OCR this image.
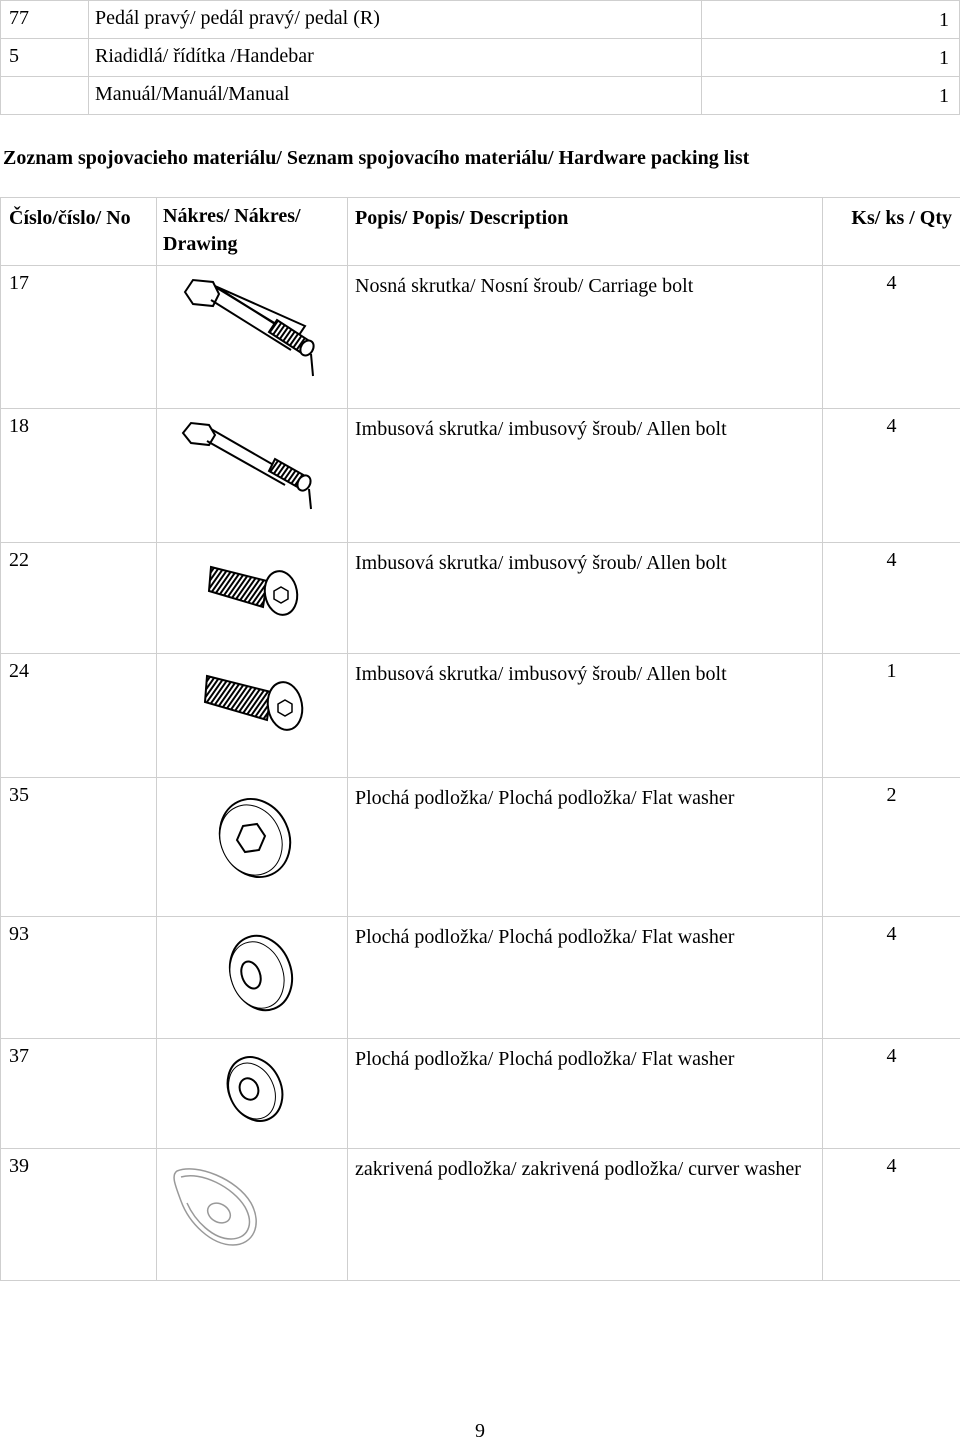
77	Pedál pravý/ pedál pravý/ pedal (R)	1
5	Riadidlá/ řídítka /Handebar	1
	Manuál/Manuál/Manual	1
Zoznam spojovacieho materiálu/ Seznam spojovacího materiálu/ Hardware packing list
Číslo/číslo/ No	Nákres/ Nákres/ Drawing	Popis/ Popis/ Description	Ks/ ks / Qty
17		Nosná skrutka/ Nosní šroub/ Carriage bolt	4
18		Imbusová skrutka/ imbusový šroub/ Allen bolt	4
22		Imbusová skrutka/ imbusový šroub/ Allen bolt	4
24		Imbusová skrutka/ imbusový šroub/ Allen bolt	1
35		Plochá podložka/ Plochá podložka/ Flat washer	2
93		Plochá podložka/ Plochá podložka/ Flat washer	4
37		Plochá podložka/ Plochá podložka/ Flat washer	4
39		zakrivená podložka/ zakrivená podložka/ curver washer	4
9
